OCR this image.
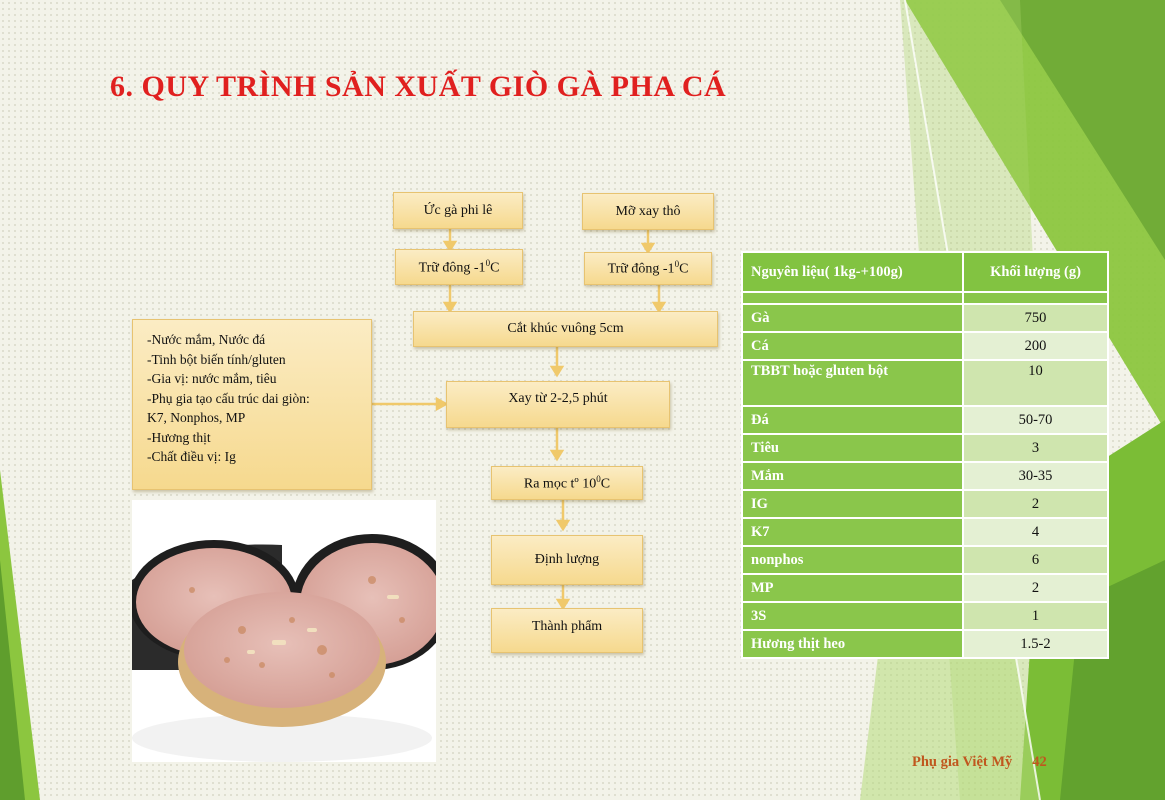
6. QUY TRÌNH SẢN XUẤT GIÒ GÀ PHA CÁ
Ức gà phi lê	Mỡ xay thô
Trữ đông $-1^0C$	Trữ đông $-1^0C$
Cắt khúc vuông 5cm
Xay từ 2-2,5 phút
Ra mọc tº $10^0C$
Định lượng
Thành phẩm
-Nước mắm, Nước đá
-Tinh bột biến tính/gluten
-Gia vị: nước mắm, tiêu
-Phụ gia tạo cấu trúc dai giòn:
K7, Nonphos, MP
-Hương thịt
-Chất điều vị: Ig
Nguyên liệu( 1kg-+100g)	Khối lượng (g)

Gà	750
Cá	200
TBBT hoặc gluten bột	10
Đá	50-70
Tiêu	3
Mắm	30-35
IG	2
K7	4
nonphos	6
MP	2
3S	1
Hương thịt heo	1.5-2
Phụ gia Việt Mỹ 42
